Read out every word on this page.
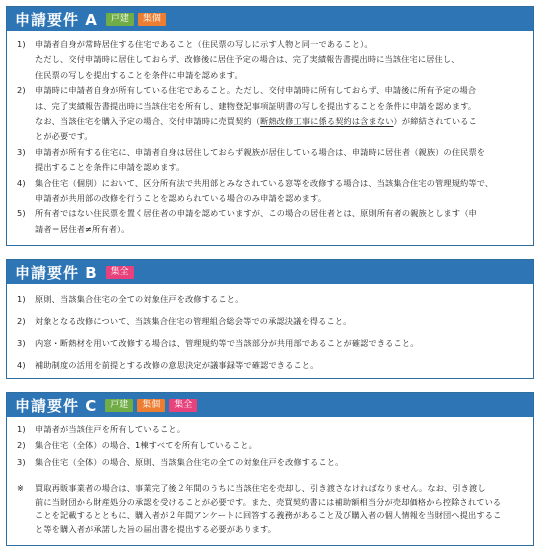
申請要件 A	戸建	集個
1)	申請者自身が常時居住する住宅であること（住民票の写しに示す人物と同一であること）。
ただし、交付申請時に居住しておらず、改修後に居住予定の場合は、完了実績報告書提出時に当該住宅に居住し、
住民票の写しを提出することを条件に申請を認めます。
2)	申請時に申請者自身が所有している住宅であること。ただし、交付申請時に所有しておらず、申請後に所有予定の場合
は、完了実績報告書提出時に当該住宅を所有し、建物登記事項証明書の写しを提出することを条件に申請を認めます。
なお、当該住宅を購入予定の場合、交付申請時に売買契約（断熱改修工事に係る契約は含まない）が締結されているこ
とが必要です。
3)	申請者が所有する住宅に、申請者自身は居住しておらず親族が居住している場合は、申請時に居住者（親族）の住民票を
提出することを条件に申請を認めます。
4)	集合住宅（個別）において、区分所有法で共用部とみなされている窓等を改修する場合は、当該集合住宅の管理規約等で、
申請者が共用部の改修を行うことを認められている場合のみ申請を認めます。
5)	所有者ではない住民票を置く居住者の申請を認めていますが、この場合の居住者とは、原則所有者の親族とします（申
請者＝居住者≠所有者）。
申請要件 B	集全
1)	原則、当該集合住宅の全ての対象住戸を改修すること。
2)	対象となる改修について、当該集合住宅の管理組合総会等での承認決議を得ること。
3)	内窓・断熱材を用いて改修する場合は、管理規約等で当該部分が共用部であることが確認できること。
4)	補助制度の活用を前提とする改修の意思決定が議事録等で確認できること。
申請要件 C	戸建	集個	集全
1)	申請者が当該住戸を所有していること。
2)	集合住宅（全体）の場合、1棟すべてを所有していること。
3)	集合住宅（全体）の場合、原則、当該集合住宅の全ての対象住戸を改修すること。
※	買取再販事業者の場合は、事業完了後２年間のうちに当該住宅を売却し、引き渡さなければなりません。なお、引き渡し
前に当財団から財産処分の承認を受けることが必要です。また、売買契約書には補助額相当分が売却価格から控除されている
ことを記載するとともに、購入者が２年間アンケートに回答する義務があること及び購入者の個人情報を当財団へ提出するこ
と等を購入者が承諾した旨の届出書を提出する必要があります。
